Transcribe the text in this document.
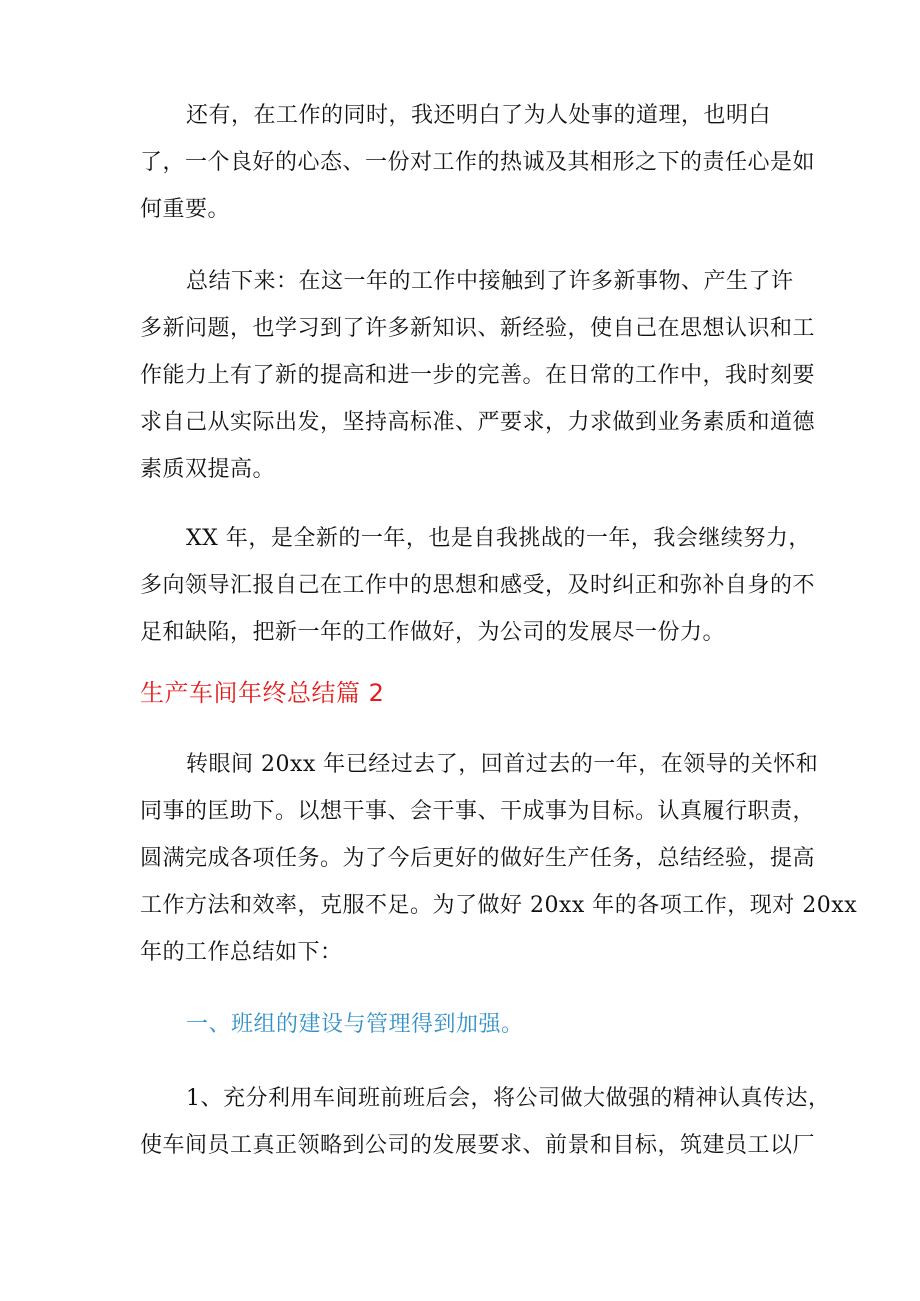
还有，在工作的同时，我还明白了为人处事的道理，也明白
了，一个良好的心态、一份对工作的热诚及其相形之下的责任心是如
何重要。
总结下来：在这一年的工作中接触到了许多新事物、产生了许
多新问题，也学习到了许多新知识、新经验，使自己在思想认识和工
作能力上有了新的提高和进一步的完善。在日常的工作中，我时刻要
求自己从实际出发，坚持高标准、严要求，力求做到业务素质和道德
素质双提高。
XX 年，是全新的一年，也是自我挑战的一年，我会继续努力，
多向领导汇报自己在工作中的思想和感受，及时纠正和弥补自身的不
足和缺陷，把新一年的工作做好，为公司的发展尽一份力。
生产车间年终总结篇 2
转眼间 20xx 年已经过去了，回首过去的一年，在领导的关怀和
同事的匡助下。以想干事、会干事、干成事为目标。认真履行职责，
圆满完成各项任务。为了今后更好的做好生产任务，总结经验，提高
工作方法和效率，克服不足。为了做好 20xx 年的各项工作，现对 20xx
年的工作总结如下：
一、班组的建设与管理得到加强。
1、充分利用车间班前班后会，将公司做大做强的精神认真传达，
使车间员工真正领略到公司的发展要求、前景和目标，筑建员工以厂
